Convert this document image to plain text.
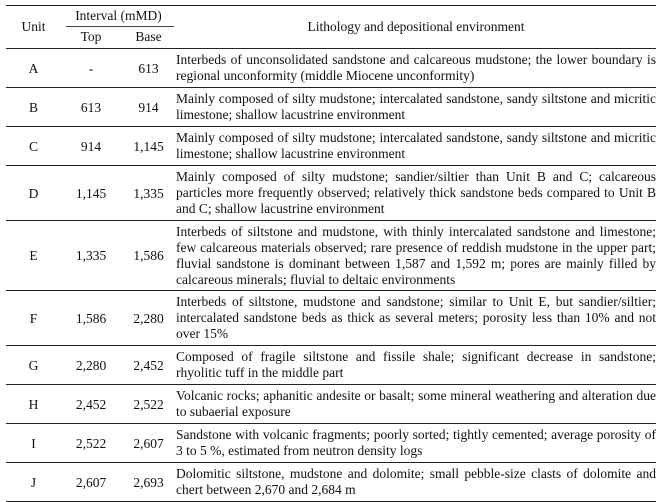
Unit
Interval (mMD)
Top	Base
Lithology and depositional environment
A	-	613
Interbeds of unconsolidated sandstone and calcareous mudstone; the lower boundary is regional unconformity (middle Miocene unconformity)
B	613	914
Mainly composed of silty mudstone; intercalated sandstone, sandy siltstone and micritic limestone; shallow lacustrine environment
C	914	1,145
Mainly composed of silty mudstone; intercalated sandstone, sandy siltstone and micritic limestone; shallow lacustrine environment
D	1,145	1,335
Mainly composed of silty mudstone; sandier/siltier than Unit B and C; calcareous particles more frequently observed; relatively thick sandstone beds compared to Unit B and C; shallow lacustrine environment
E	1,335	1,586
Interbeds of siltstone and mudstone, with thinly intercalated sandstone and limestone; few calcareous materials observed; rare presence of reddish mudstone in the upper part; fluvial sandstone is dominant between 1,587 and 1,592 m; pores are mainly filled by calcareous minerals; fluvial to deltaic environments
F	1,586	2,280
Interbeds of siltstone, mudstone and sandstone; similar to Unit E, but sandier/siltier; intercalated sandstone beds as thick as several meters; porosity less than 10% and not over 15%
G	2,280	2,452
Composed of fragile siltstone and fissile shale; significant decrease in sandstone; rhyolitic tuff in the middle part
H	2,452	2,522
Volcanic rocks; aphanitic andesite or basalt; some mineral weathering and alteration due to subaerial exposure
I	2,522	2,607
Sandstone with volcanic fragments; poorly sorted; tightly cemented; average porosity of 3 to 5 %, estimated from neutron density logs
J	2,607	2,693
Dolomitic siltstone, mudstone and dolomite; small pebble-size clasts of dolomite and chert between 2,670 and 2,684 m
